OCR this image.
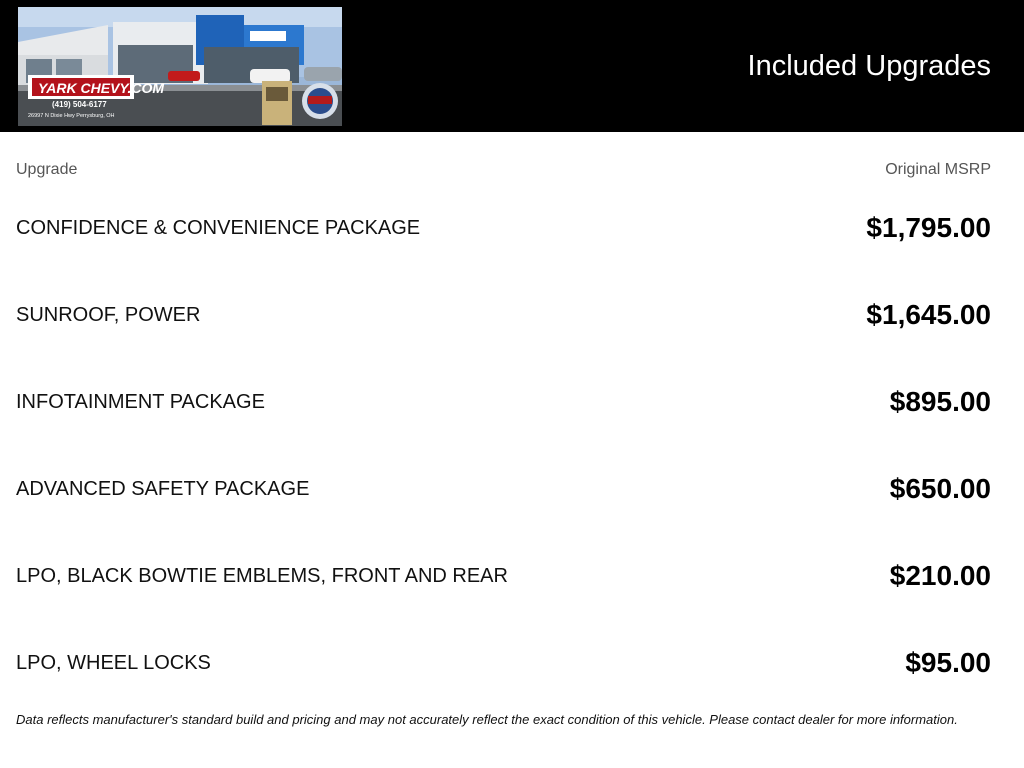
YARK CHEVY.COM
(419) 504-6177
26997 N Dixie Hwy Perrysburg, OH
Included Upgrades
Upgrade	Original MSRP
CONFIDENCE & CONVENIENCE PACKAGE	$1,795.00
SUNROOF, POWER	$1,645.00
INFOTAINMENT PACKAGE	$895.00
ADVANCED SAFETY PACKAGE	$650.00
LPO, BLACK BOWTIE EMBLEMS, FRONT AND REAR	$210.00
LPO, WHEEL LOCKS	$95.00
Data reflects manufacturer's standard build and pricing and may not accurately reflect the exact condition of this vehicle. Please contact dealer for more information.
